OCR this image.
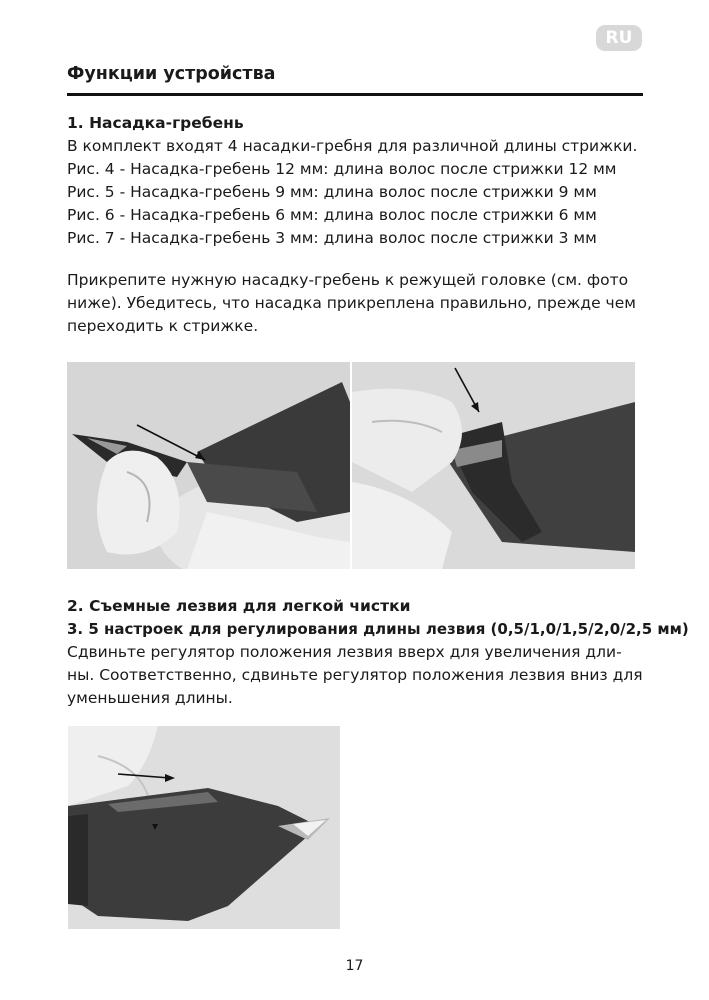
RU
Функции устройства
1. Насадка-гребень
В комплект входят 4 насадки-гребня для различной длины стрижки.
Рис. 4 - Насадка-гребень 12 мм: длина волос после стрижки 12 мм
Рис. 5 - Насадка-гребень 9 мм: длина волос после стрижки 9 мм
Рис. 6 - Насадка-гребень 6 мм: длина волос после стрижки 6 мм
Рис. 7 - Насадка-гребень 3 мм: длина волос после стрижки 3 мм
Прикрепите нужную насадку-гребень к режущей головке (см. фото
ниже). Убедитесь, что насадка прикреплена правильно, прежде чем
переходить к стрижке.
2. Съемные лезвия для легкой чистки
3. 5 настроек для регулирования длины лезвия (0,5/1,0/1,5/2,0/2,5 мм)
Сдвиньте регулятор положения лезвия вверх для увеличения дли-
ны. Соответственно, сдвиньте регулятор положения лезвия вниз для
уменьшения длины.
17
